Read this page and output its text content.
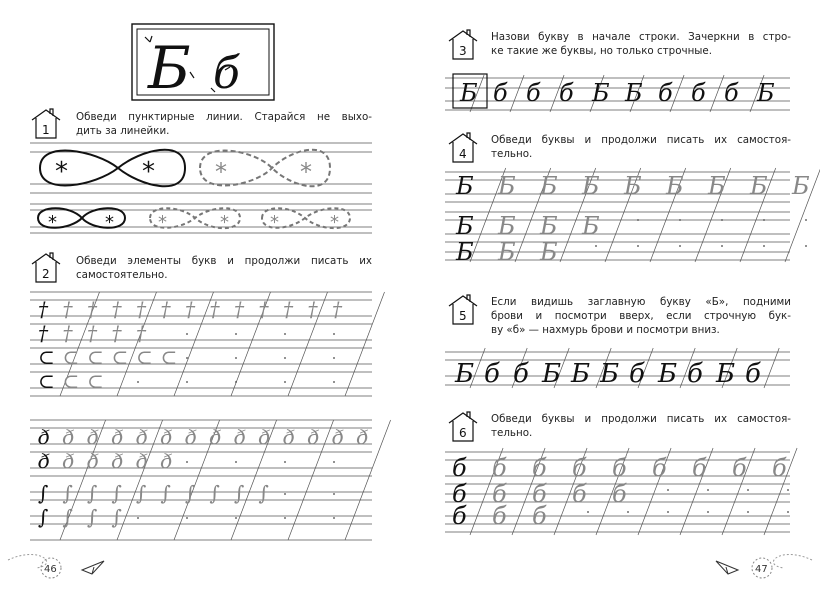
Б б
*	*	*	*
*	* *	* *	*
† † † † † † † † † † † † †
† † † † †
⊂ ⊂ ⊂ ⊂ ⊂ ⊂
⊂ ⊂ ⊂
ð ð ð ð ð ð ð ð ð ð ð ð ð ð
ð ð ð ð ð ð
∫ ∫ ∫ ∫ ∫ ∫ ∫ ∫ ∫ ∫
∫ ∫ ∫ ∫
Б б б б Б Б б б б Б
Б Б Б Б Б Б Б Б Б
Б Б Б Б
Б Б Б
Б б б Б Б Б б Б б Б б
б б б б б б б б б
б б б б б
б б б
1
2
3
4
5
6
46	47
Обведи пунктирные линии. Старайся не выхо-
дить за линейки.
Обведи элементы букв и продолжи писать их
самостоятельно.
Назови букву в начале строки. Зачеркни в стро-
ке такие же буквы, но только строчные.
Обведи буквы и продолжи писать их самостоя-
тельно.
Если видишь заглавную букву «Б», подними
брови и посмотри вверх, если строчную бук-
ву «б» — нахмурь брови и посмотри вниз.
Обведи буквы и продолжи писать их самостоя-
тельно.
